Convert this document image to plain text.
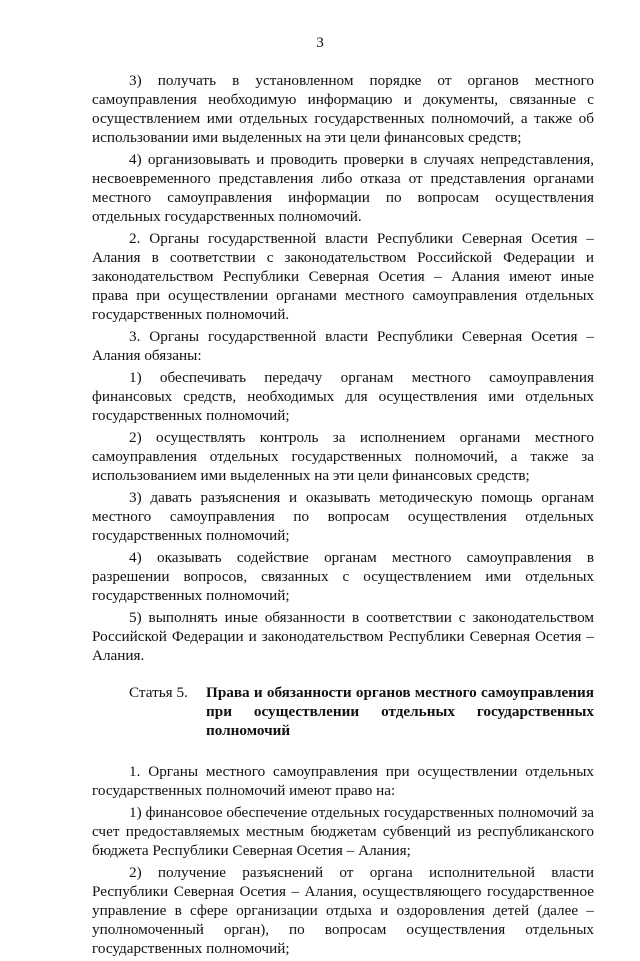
3

3) получать в установленном порядке от органов местного самоуправления необходимую информацию и документы, связанные с осуществлением ими отдельных государственных полномочий, а также об использовании ими выделенных на эти цели финансовых средств;

4) организовывать и проводить проверки в случаях непредставления, несвоевременного представления либо отказа от представления органами местного самоуправления информации по вопросам осуществления отдельных государственных полномочий.

2. Органы государственной власти Республики Северная Осетия – Алания в соответствии с законодательством Российской Федерации и законодательством Республики Северная Осетия – Алания имеют иные права при осуществлении органами местного самоуправления отдельных государственных полномочий.

3. Органы государственной власти Республики Северная Осетия – Алания обязаны:

1) обеспечивать передачу органам местного самоуправления финансовых средств, необходимых для осуществления ими отдельных государственных полномочий;

2) осуществлять контроль за исполнением органами местного самоуправления отдельных государственных полномочий, а также за использованием ими выделенных на эти цели финансовых средств;

3) давать разъяснения и оказывать методическую помощь органам местного самоуправления по вопросам осуществления отдельных государственных полномочий;

4) оказывать содействие органам местного самоуправления в разрешении вопросов, связанных с осуществлением ими отдельных государственных полномочий;

5) выполнять иные обязанности в соответствии с законодательством Российской Федерации и законодательством Республики Северная Осетия – Алания.

Статья 5.	Права и обязанности органов местного самоуправления при осуществлении отдельных государственных полномочий

1. Органы местного самоуправления при осуществлении отдельных государственных полномочий имеют право на:

1) финансовое обеспечение отдельных государственных полномочий за счет предоставляемых местным бюджетам субвенций из республиканского бюджета Республики Северная Осетия – Алания;

2) получение разъяснений от органа исполнительной власти Республики Северная Осетия – Алания, осуществляющего государственное управление в сфере организации отдыха и оздоровления детей (далее – уполномоченный орган), по вопросам осуществления отдельных государственных полномочий;
